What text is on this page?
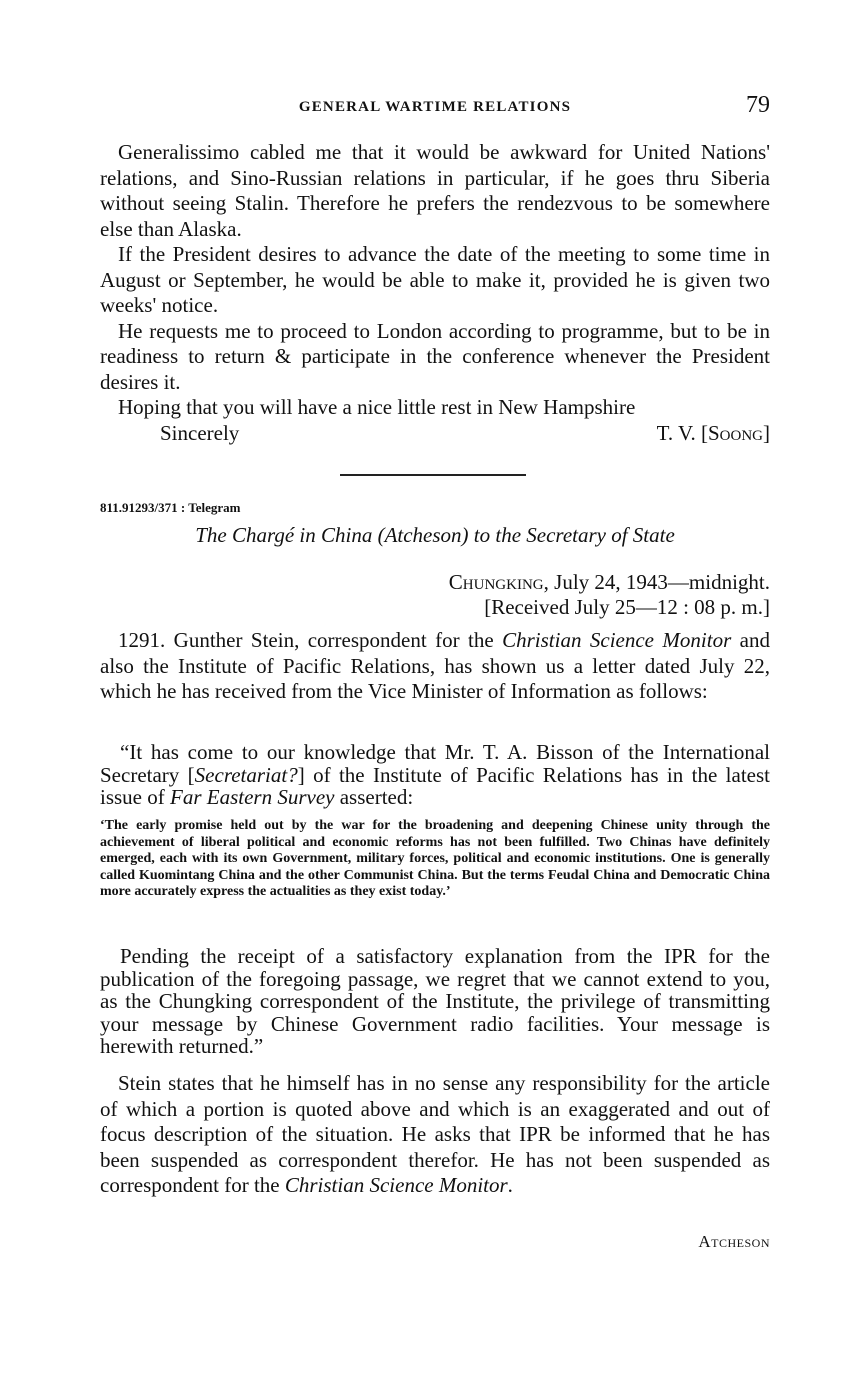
GENERAL WARTIME RELATIONS	79

Generalissimo cabled me that it would be awkward for United Nations' relations, and Sino-Russian relations in particular, if he goes thru Siberia without seeing Stalin. Therefore he prefers the rendezvous to be somewhere else than Alaska.

If the President desires to advance the date of the meeting to some time in August or September, he would be able to make it, provided he is given two weeks' notice.

He requests me to proceed to London according to programme, but to be in readiness to return & participate in the conference whenever the President desires it.

Hoping that you will have a nice little rest in New Hampshire

Sincerely	T. V. [Soong]
811.91293/371 : Telegram
The Chargé in China (Atcheson) to the Secretary of State
Chungking, July 24, 1943—midnight.
[Received July 25—12 : 08 p. m.]

1291. Gunther Stein, correspondent for the Christian Science Monitor and also the Institute of Pacific Relations, has shown us a letter dated July 22, which he has received from the Vice Minister of Information as follows:

“It has come to our knowledge that Mr. T. A. Bisson of the International Secretary [Secretariat?] of the Institute of Pacific Relations has in the latest issue of Far Eastern Survey asserted:

‘The early promise held out by the war for the broadening and deepening Chinese unity through the achievement of liberal political and economic reforms has not been fulfilled. Two Chinas have definitely emerged, each with its own Government, military forces, political and economic institutions. One is generally called Kuomintang China and the other Communist China. But the terms Feudal China and Democratic China more accurately express the actualities as they exist today.’

Pending the receipt of a satisfactory explanation from the IPR for the publication of the foregoing passage, we regret that we cannot extend to you, as the Chungking correspondent of the Institute, the privilege of transmitting your message by Chinese Government radio facilities. Your message is herewith returned.”

Stein states that he himself has in no sense any responsibility for the article of which a portion is quoted above and which is an exaggerated and out of focus description of the situation. He asks that IPR be informed that he has been suspended as correspondent therefor. He has not been suspended as correspondent for the Christian Science Monitor.

Atcheson
